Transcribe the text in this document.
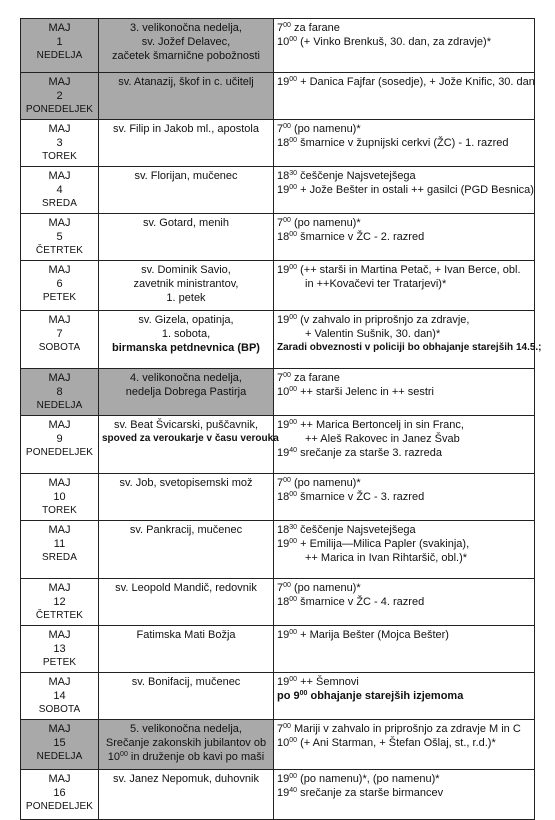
MAJ
1
NEDELJA	3. velikonočna nedelja,
sv. Jožef Delavec,
začetek šmarnične pobožnosti	$7^{00}$ za farane
$10^{00}$ (+ Vinko Brenkuš, 30. dan, za zdravje)*

MAJ
2
PONEDELJEK	sv. Atanazij, škof in c. učitelj	$19^{00}$ + Danica Fajfar (sosedje), + Jože Knific, 30. dan

MAJ
3
TOREK	sv. Filip in Jakob ml., apostola	$7^{00}$ (po namenu)*
$18^{00}$ šmarnice v župnijski cerkvi (ŽC) - 1. razred

MAJ
4
SREDA	sv. Florijan, mučenec	$18^{30}$ češčenje Najsvetejšega
$19^{00}$ + Jože Bešter in ostali ++ gasilci (PGD Besnica)

MAJ
5
ČETRTEK	sv. Gotard, menih	$7^{00}$ (po namenu)*
$18^{00}$ šmarnice v ŽC - 2. razred

MAJ
6
PETEK	sv. Dominik Savio,
zavetnik ministrantov,
1. petek	$19^{00}$ (++ starši in Martina Petač, + Ivan Berce, obl.
in ++Kovačevi ter Tratarjevi)*

MAJ
7
SOBOTA	sv. Gizela, opatinja,
1. sobota,
birmanska petdnevnica (BP)	$19^{00}$ (v zahvalo in priprošnjo za zdravje,
+ Valentin Sušnik, 30. dan)*
Zaradi obveznosti v policiji bo obhajanje starejših 14.5.;

MAJ
8
NEDELJA	4. velikonočna nedelja,
nedelja Dobrega Pastirja	$7^{00}$ za farane
$10^{00}$ ++ starši Jelenc in ++ sestri

MAJ
9
PONEDELJEK	sv. Beat Švicarski, puščavnik,
spoved za veroukarje v času verouka	$19^{00}$ ++ Marica Bertoncelj in sin Franc,
++ Aleš Rakovec in Janez Švab
$19^{40}$ srečanje za starše 3. razreda

MAJ
10
TOREK	sv. Job, svetopisemski mož	$7^{00}$ (po namenu)*
$18^{00}$ šmarnice v ŽC - 3. razred

MAJ
11
SREDA	sv. Pankracij, mučenec	$18^{30}$ češčenje Najsvetejšega
$19^{00}$ + Emilija—Milica Papler (svakinja),
++ Marica in Ivan Rihtaršič, obl.)*

MAJ
12
ČETRTEK	sv. Leopold Mandič, redovnik	$7^{00}$ (po namenu)*
$18^{00}$ šmarnice v ŽC - 4. razred

MAJ
13
PETEK	Fatimska Mati Božja	$19^{00}$ + Marija Bešter (Mojca Bešter)

MAJ
14
SOBOTA	sv. Bonifacij, mučenec	$19^{00}$ ++ Šemnovi
po $9^{00}$ obhajanje starejših izjemoma

MAJ
15
NEDELJA	5. velikonočna nedelja,
Srečanje zakonskih jubilantov ob
$10^{00}$ in druženje ob kavi po maši	$7^{00}$ Mariji v zahvalo in priprošnjo za zdravje M in C
$10^{00}$ (+ Ani Starman, + Štefan Ošlaj, st., r.d.)*

MAJ
16
PONEDELJEK	sv. Janez Nepomuk, duhovnik	$19^{00}$ (po namenu)*, (po namenu)*
$19^{40}$ srečanje za starše birmancev
